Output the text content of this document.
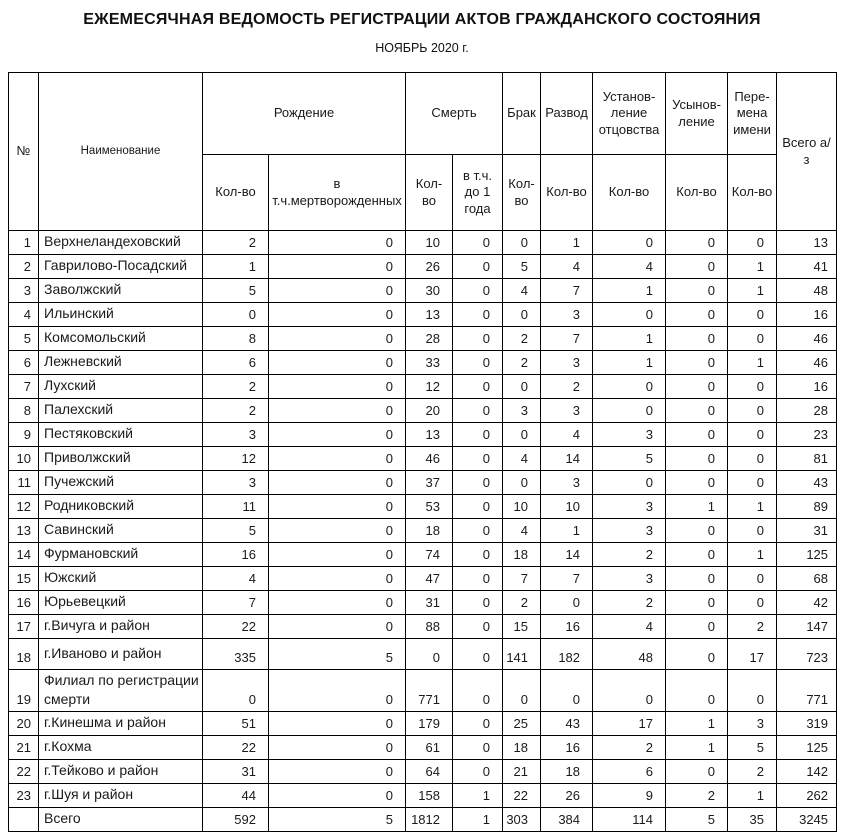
ЕЖЕМЕСЯЧНАЯ ВЕДОМОСТЬ РЕГИСТРАЦИИ АКТОВ ГРАЖДАНСКОГО СОСТОЯНИЯ
НОЯБРЬ 2020 г.
№	Наименование	Рождение		Смерть		Брак	Развод	Установ-ление отцовства	Усынов-ление	Пере-мена имени	Всего а/з
		Кол-во	в т.ч.мертворожденных	Кол-во	в т.ч. до 1 года	Кол-во	Кол-во	Кол-во	Кол-во	Кол-во	
1	Верхнеландеховский	2	0	10	0	0	1	0	0	0	13
2	Гаврилово-Посадский	1	0	26	0	5	4	4	0	1	41
3	Заволжский	5	0	30	0	4	7	1	0	1	48
4	Ильинский	0	0	13	0	0	3	0	0	0	16
5	Комсомольский	8	0	28	0	2	7	1	0	0	46
6	Лежневский	6	0	33	0	2	3	1	0	1	46
7	Лухский	2	0	12	0	0	2	0	0	0	16
8	Палехский	2	0	20	0	3	3	0	0	0	28
9	Пестяковский	3	0	13	0	0	4	3	0	0	23
10	Приволжский	12	0	46	0	4	14	5	0	0	81
11	Пучежский	3	0	37	0	0	3	0	0	0	43
12	Родниковский	11	0	53	0	10	10	3	1	1	89
13	Савинский	5	0	18	0	4	1	3	0	0	31
14	Фурмановский	16	0	74	0	18	14	2	0	1	125
15	Южский	4	0	47	0	7	7	3	0	0	68
16	Юрьевецкий	7	0	31	0	2	0	2	0	0	42
17	г.Вичуга и район	22	0	88	0	15	16	4	0	2	147
18	г.Иваново и район	335	5	0	0	141	182	48	0	17	723
19	Филиал по регистрации смерти	0	0	771	0	0	0	0	0	0	771
20	г.Кинешма и район	51	0	179	0	25	43	17	1	3	319
21	г.Кохма	22	0	61	0	18	16	2	1	5	125
22	г.Тейково и район	31	0	64	0	21	18	6	0	2	142
23	г.Шуя и район	44	0	158	1	22	26	9	2	1	262
	Всего	592	5	1812	1	303	384	114	5	35	3245
